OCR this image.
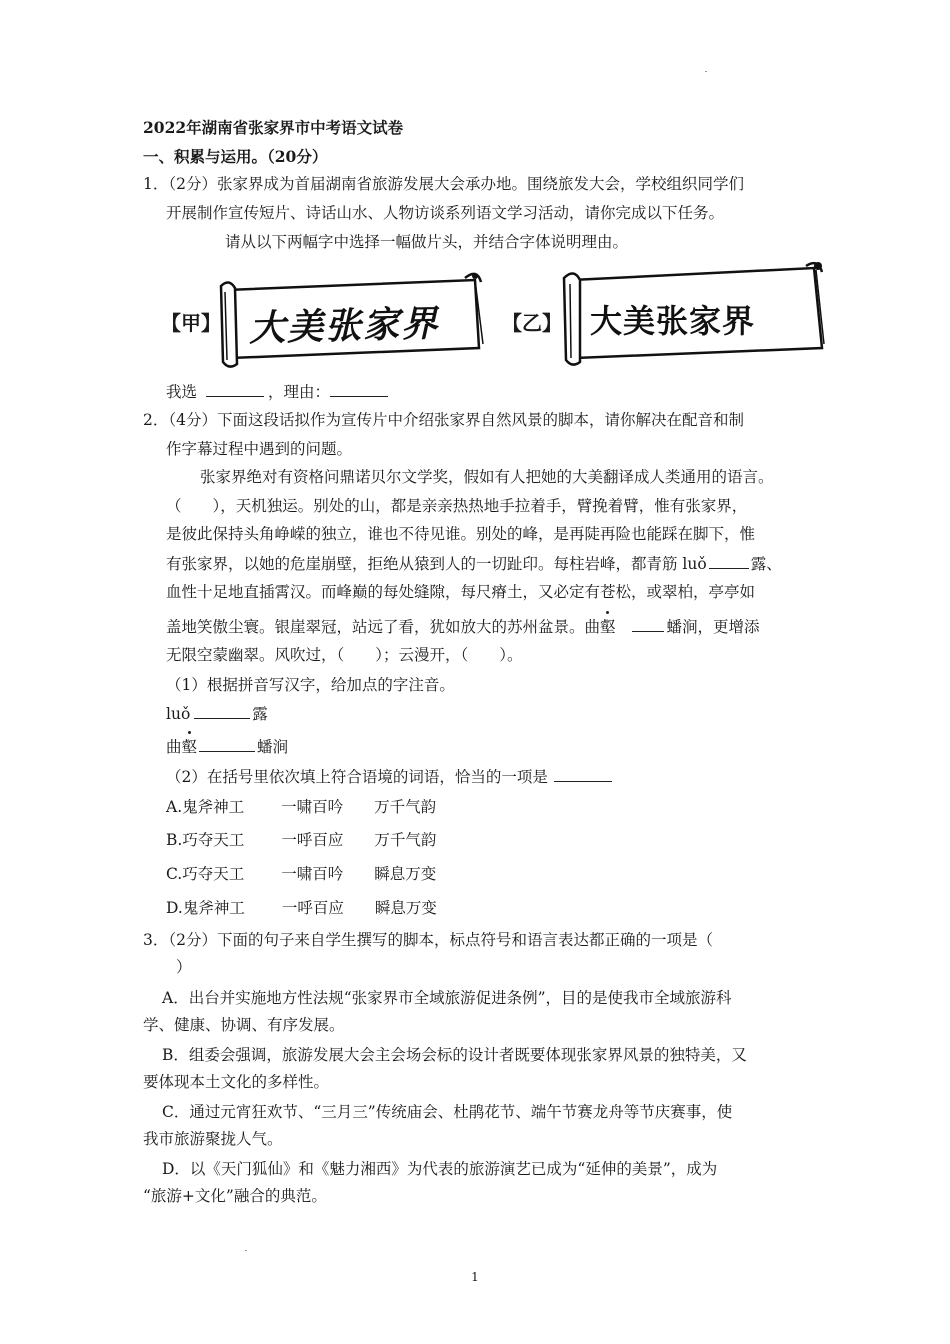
2022年湖南省张家界市中考语文试卷
一、积累与运用。（20分）
1．（2分）张家界成为首届湖南省旅游发展大会承办地。围绕旅发大会，学校组织同学们
开展制作宣传短片、诗话山水、人物访谈系列语文学习活动，请你完成以下任务。
请从以下两幅字中选择一幅做片头，并结合字体说明理由。
【甲】	【乙】
大美张家界	大美张家界
我选	，理由：
2．（4分）下面这段话拟作为宣传片中介绍张家界自然风景的脚本，请你解决在配音和制
作字幕过程中遇到的问题。
张家界绝对有资格问鼎诺贝尔文学奖，假如有人把她的大美翻译成人类通用的语言。
（　　），天机独运。别处的山，都是亲亲热热地手拉着手，臂挽着臂，惟有张家界，
是彼此保持头角峥嵘的独立，谁也不待见谁。别处的峰，是再陡再险也能踩在脚下，惟
有张家界，以她的危崖崩壁，拒绝从猿到人的一切趾印。每柱岩峰，都青筋 luǒ	露、
血性十足地直插霄汉。而峰巅的每处缝隙，每尺瘠土，又必定有苍松，或翠柏，亭亭如
盖地笑傲尘寰。银崖翠冠，站远了看，犹如放大的苏州盆景。曲壑	蟠涧，更增添
无限空蒙幽翠。风吹过，（　　）；云漫开，（　　）。
（1）根据拼音写汉字，给加点的字注音。
luǒ	露
曲壑	蟠涧
（2）在括号里依次填上符合语境的词语，恰当的一项是
A.鬼斧神工 一啸百吟 万千气韵
B.巧夺天工 一呼百应 万千气韵
C.巧夺天工 一啸百吟 瞬息万变
D.鬼斧神工 一呼百应 瞬息万变
3．（2分）下面的句子来自学生撰写的脚本，标点符号和语言表达都正确的一项是（
）
A．出台并实施地方性法规“张家界市全域旅游促进条例”，目的是使我市全域旅游科
学、健康、协调、有序发展。
B．组委会强调，旅游发展大会主会场会标的设计者既要体现张家界风景的独特美，又
要体现本土文化的多样性。
C．通过元宵狂欢节、“三月三”传统庙会、杜鹃花节、端午节赛龙舟等节庆赛事，使
我市旅游聚拢人气。
D．以《天门狐仙》和《魅力湘西》为代表的旅游演艺已成为“延伸的美景”，成为
“旅游+文化”融合的典范。
1
